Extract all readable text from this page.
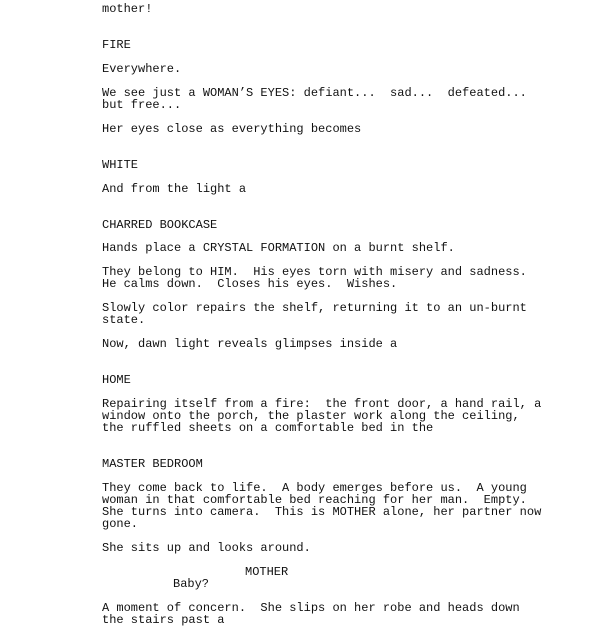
mother!
FIRE
Everywhere.
We see just a WOMAN’S EYES: defiant...  sad...  defeated...
but free...
Her eyes close as everything becomes
WHITE
And from the light a
CHARRED BOOKCASE
Hands place a CRYSTAL FORMATION on a burnt shelf.
They belong to HIM.  His eyes torn with misery and sadness.
He calms down.  Closes his eyes.  Wishes.
Slowly color repairs the shelf, returning it to an un-burnt
state.
Now, dawn light reveals glimpses inside a
HOME
Repairing itself from a fire:  the front door, a hand rail, a
window onto the porch, the plaster work along the ceiling,
the ruffled sheets on a comfortable bed in the
MASTER BEDROOM
They come back to life.  A body emerges before us.  A young
woman in that comfortable bed reaching for her man.  Empty.
She turns into camera.  This is MOTHER alone, her partner now
gone.
She sits up and looks around.
MOTHER
Baby?
A moment of concern.  She slips on her robe and heads down
the stairs past a
